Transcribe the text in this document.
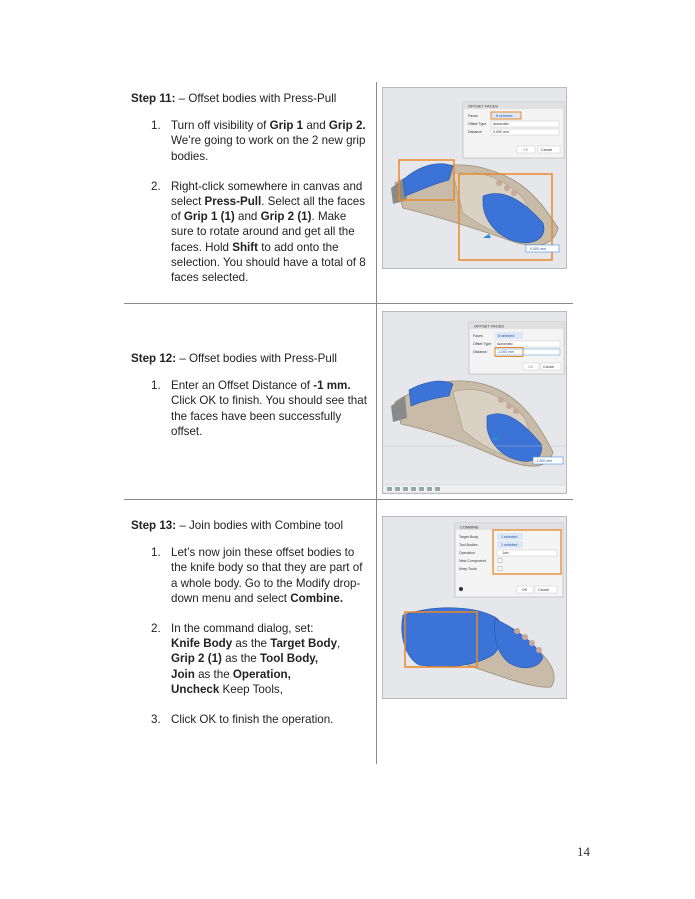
Step 11: – Offset bodies with Press-Pull

1. Turn off visibility of Grip 1 and Grip 2. We’re going to work on the 2 new grip bodies.
2. Right-click somewhere in canvas and select Press-Pull. Select all the faces of Grip 1 (1) and Grip 2 (1). Make sure to rotate around and get all the faces. Hold Shift to add onto the selection. You should have a total of 8 faces selected.

Step 12: – Offset bodies with Press-Pull

1. Enter an Offset Distance of -1 mm. Click OK to finish. You should see that the faces have been successfully offset.

Step 13: – Join bodies with Combine tool

1. Let’s now join these offset bodies to the knife body so that they are part of a whole body. Go to the Modify drop-down menu and select Combine.
2. In the command dialog, set:
Knife Body as the Target Body,
Grip 2 (1) as the Tool Body,
Join as the Operation,
Uncheck Keep Tools,
3. Click OK to finish the operation.
OFFSET FACES
Faces	8 selected
Offset Type Automatic
Distance	0.000 mm
OK	Cancel
0.000 mm
OFFSET FACES
Faces	8 selected
Offset Type Automatic
Distance	-1.000 mm
OK	Cancel
-1.000 mm
COMBINE
Target Body	1 selected
Tool Bodies	1 selected
Operation	Join
New Component
Keep Tools
OK	Cancel
14
